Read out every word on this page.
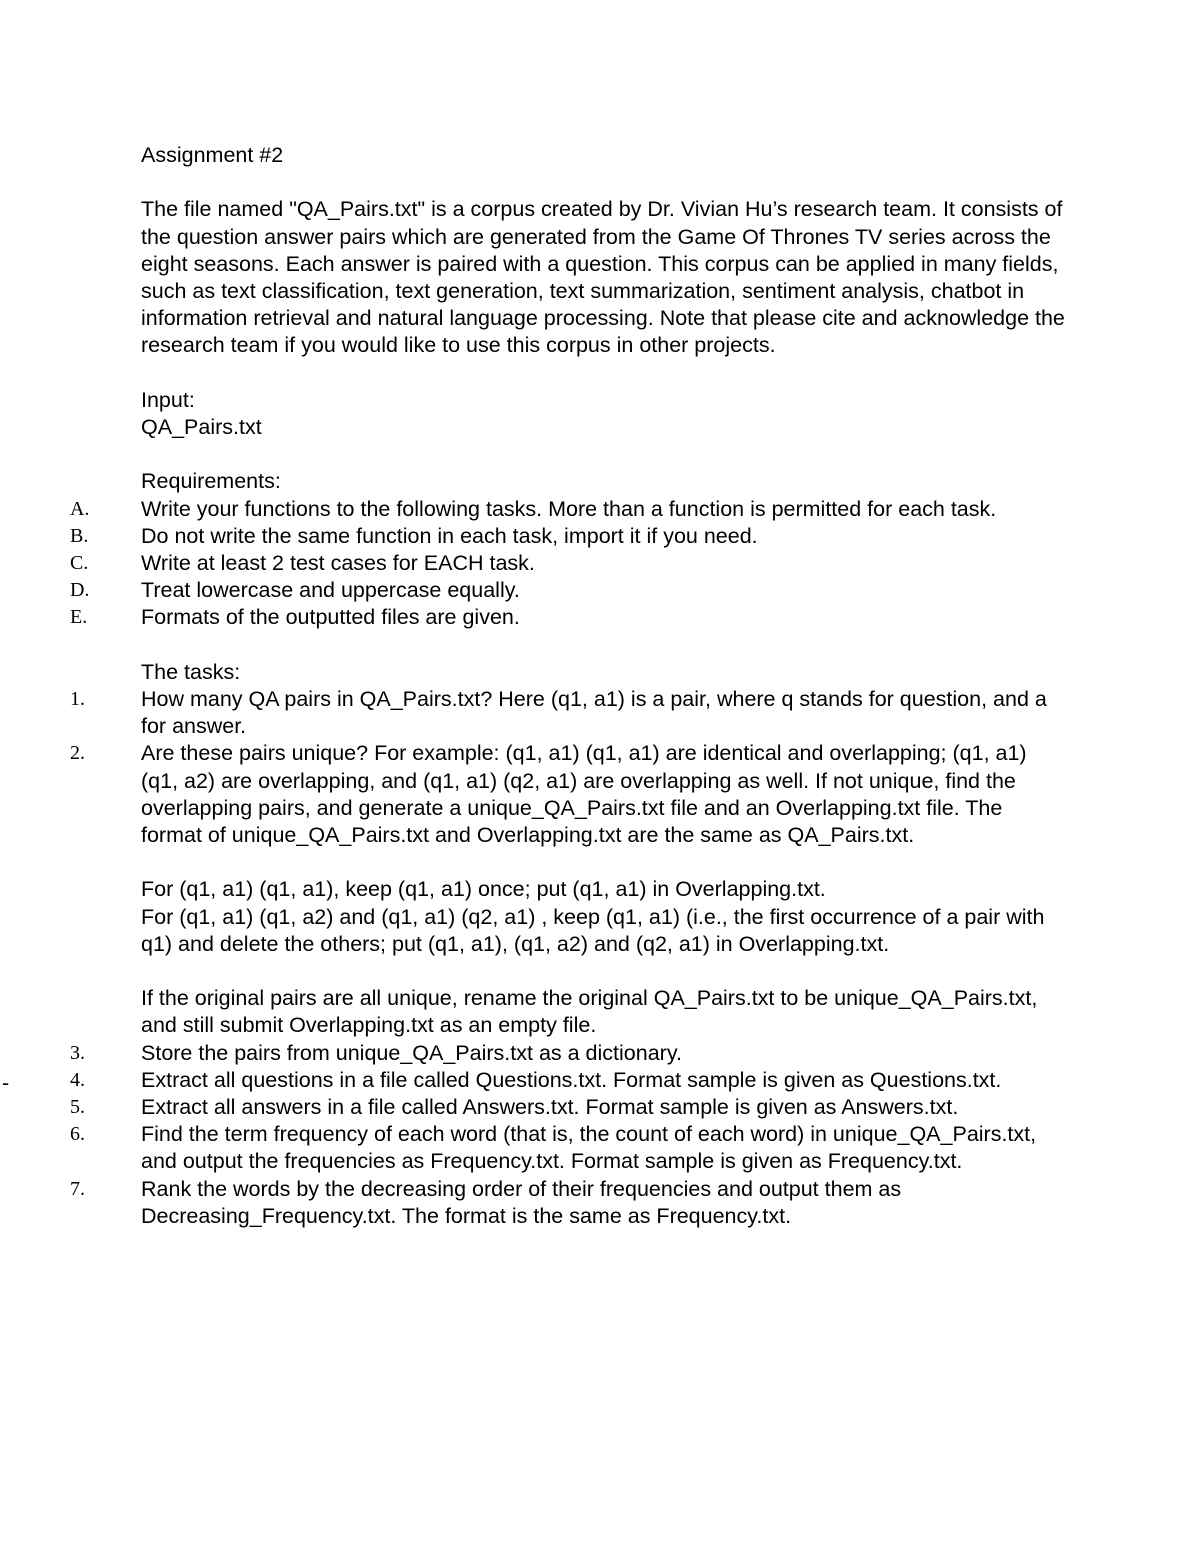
-

Assignment #2

The file named "QA_Pairs.txt" is a corpus created by Dr. Vivian Hu’s research team. It consists of the question answer pairs which are generated from the Game Of Thrones TV series across the eight seasons. Each answer is paired with a question. This corpus can be applied in many fields, such as text classification, text generation, text summarization, sentiment analysis, chatbot in information retrieval and natural language processing. Note that please cite and acknowledge the research team if you would like to use this corpus in other projects.

Input:

QA_Pairs.txt

Requirements:

A.	Write your functions to the following tasks. More than a function is permitted for each task.
B.	Do not write the same function in each task, import it if you need.
C.	Write at least 2 test cases for EACH task.
D.	Treat lowercase and uppercase equally.
E.	Formats of the outputted files are given.

The tasks:

1.	How many QA pairs in QA_Pairs.txt? Here (q1, a1) is a pair, where q stands for question, and a for answer.
2.	Are these pairs unique? For example: (q1, a1) (q1, a1) are identical and overlapping; (q1, a1) (q1, a2) are overlapping, and (q1, a1) (q2, a1) are overlapping as well. If not unique, find the overlapping pairs, and generate a unique_QA_Pairs.txt file and an Overlapping.txt file. The format of unique_QA_Pairs.txt and Overlapping.txt are the same as QA_Pairs.txt.

For (q1, a1) (q1, a1), keep (q1, a1) once; put (q1, a1) in Overlapping.txt.

For (q1, a1) (q1, a2) and (q1, a1) (q2, a1) , keep (q1, a1) (i.e., the first occurrence of a pair with q1) and delete the others; put (q1, a1), (q1, a2) and (q2, a1) in Overlapping.txt.

If the original pairs are all unique, rename the original QA_Pairs.txt to be unique_QA_Pairs.txt, and still submit Overlapping.txt as an empty file.

3.	Store the pairs from unique_QA_Pairs.txt as a dictionary.
4.	Extract all questions in a file called Questions.txt. Format sample is given as Questions.txt.
5.	Extract all answers in a file called Answers.txt. Format sample is given as Answers.txt.
6.	Find the term frequency of each word (that is, the count of each word) in unique_QA_Pairs.txt, and output the frequencies as Frequency.txt. Format sample is given as Frequency.txt.
7.	Rank the words by the decreasing order of their frequencies and output them as Decreasing_Frequency.txt. The format is the same as Frequency.txt.
